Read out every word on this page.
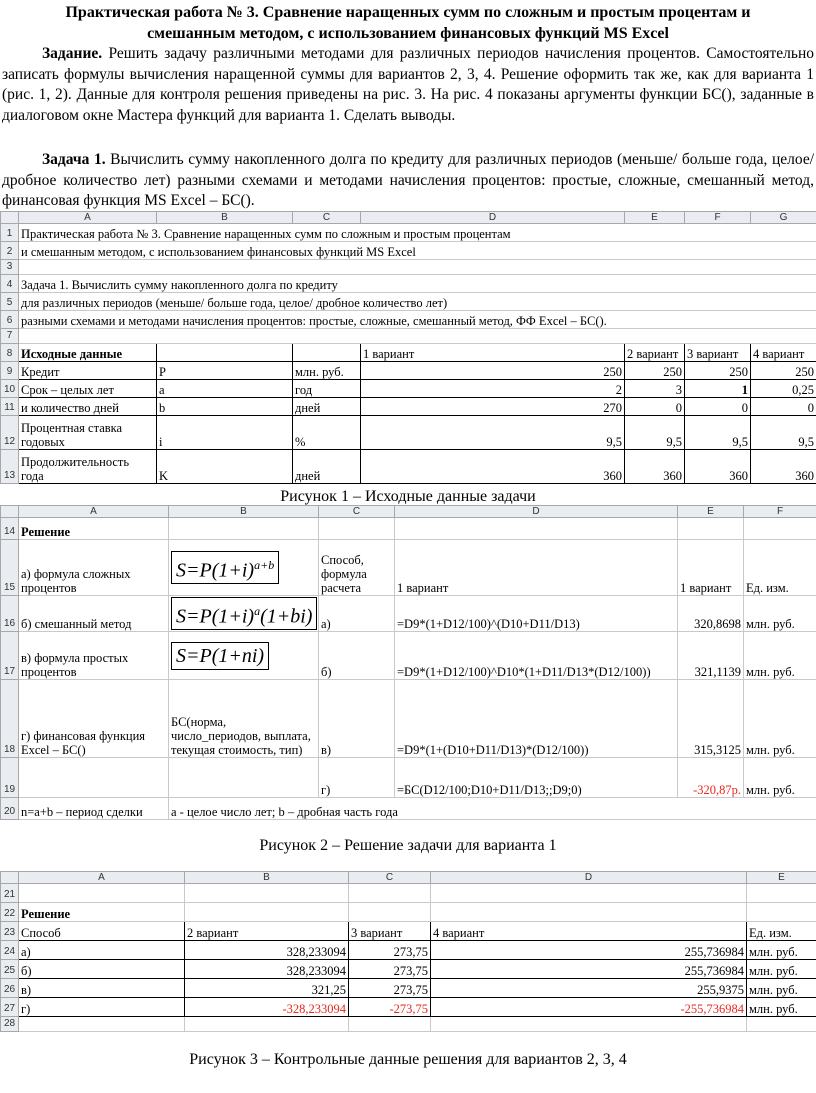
Практическая работа № 3. Сравнение наращенных сумм по сложным и простым процентам и
смешанным методом, с использованием финансовых функций MS Excel

Задание. Решить задачу различными методами для различных периодов начисления процентов. Самостоятельно записать формулы вычисления наращенной суммы для вариантов 2, 3, 4. Решение оформить так же, как для варианта 1 (рис. 1, 2). Данные для контроля решения приведены на рис. 3. На рис. 4 показаны аргументы функции БС(), заданные в диалоговом окне Мастера функций для варианта 1. Сделать выводы.

Задача 1. Вычислить сумму накопленного долга по кредиту для различных периодов (меньше/ больше года, целое/ дробное количество лет) разными схемами и методами начисления процентов: простые, сложные, смешанный метод, финансовая функция MS Excel – БС().

	A	B	C	D	E	F	G
1	Практическая работа № 3. Сравнение наращенных сумм по сложным и простым процентам						
2	и смешанным методом, с использованием финансовых функций MS Excel						
3							
4	Задача 1. Вычислить сумму накопленного долга по кредиту						
5	для различных периодов (меньше/ больше года, целое/ дробное количество лет)						
6	разными схемами и методами начисления процентов: простые, сложные, смешанный метод, ФФ Excel – БС().						
7							
8	Исходные данные			1 вариант	2 вариант	3 вариант	4 вариант
9	Кредит	P	млн. руб.	250	250	250	250
10	Срок – целых лет	a	год	2	3	1	0,25
11	и количество дней	b	дней	270	0	0	0
12	Процентная ставка годовых	i	%	9,5	9,5	9,5	9,5
13	Продолжительность года	K	дней	360	360	360	360
Рисунок 1 – Исходные данные задачи
	A	B	C	D	E	F
14	Решение					
15	а) формула сложных процентов	$S=P(1+i)^{a+b}$	Способ, формула расчета	1 вариант	1 вариант	Ед. изм.
16	б) смешанный метод	$S=P(1+i)^a(1+bi)$	а)	=D9*(1+D12/100)^(D10+D11/D13)	320,8698	млн. руб.
17	в) формула простых процентов	S=P(1+ni)	б)	=D9*(1+D12/100)^D10*(1+D11/D13*(D12/100))	321,1139	млн. руб.
18	г) финансовая функция Excel – БС()	БС(норма, число_периодов, выплата, текущая стоимость, тип)	в)	=D9*(1+(D10+D11/D13)*(D12/100))	315,3125	млн. руб.
19			г)	=БС(D12/100;D10+D11/D13;;D9;0)	-320,87р.	млн. руб.
20	n=a+b – период сделки	a - целое число лет; b – дробная часть года				
Рисунок 2 – Решение задачи для варианта 1
	A	B	C	D	E
21					
22	Решение				
23	Способ	2 вариант	3 вариант	4 вариант	Ед. изм.
24	а)	328,233094	273,75	255,736984	млн. руб.
25	б)	328,233094	273,75	255,736984	млн. руб.
26	в)	321,25	273,75	255,9375	млн. руб.
27	г)	-328,233094	-273,75	-255,736984	млн. руб.
28					
Рисунок 3 – Контрольные данные решения для вариантов 2, 3, 4
